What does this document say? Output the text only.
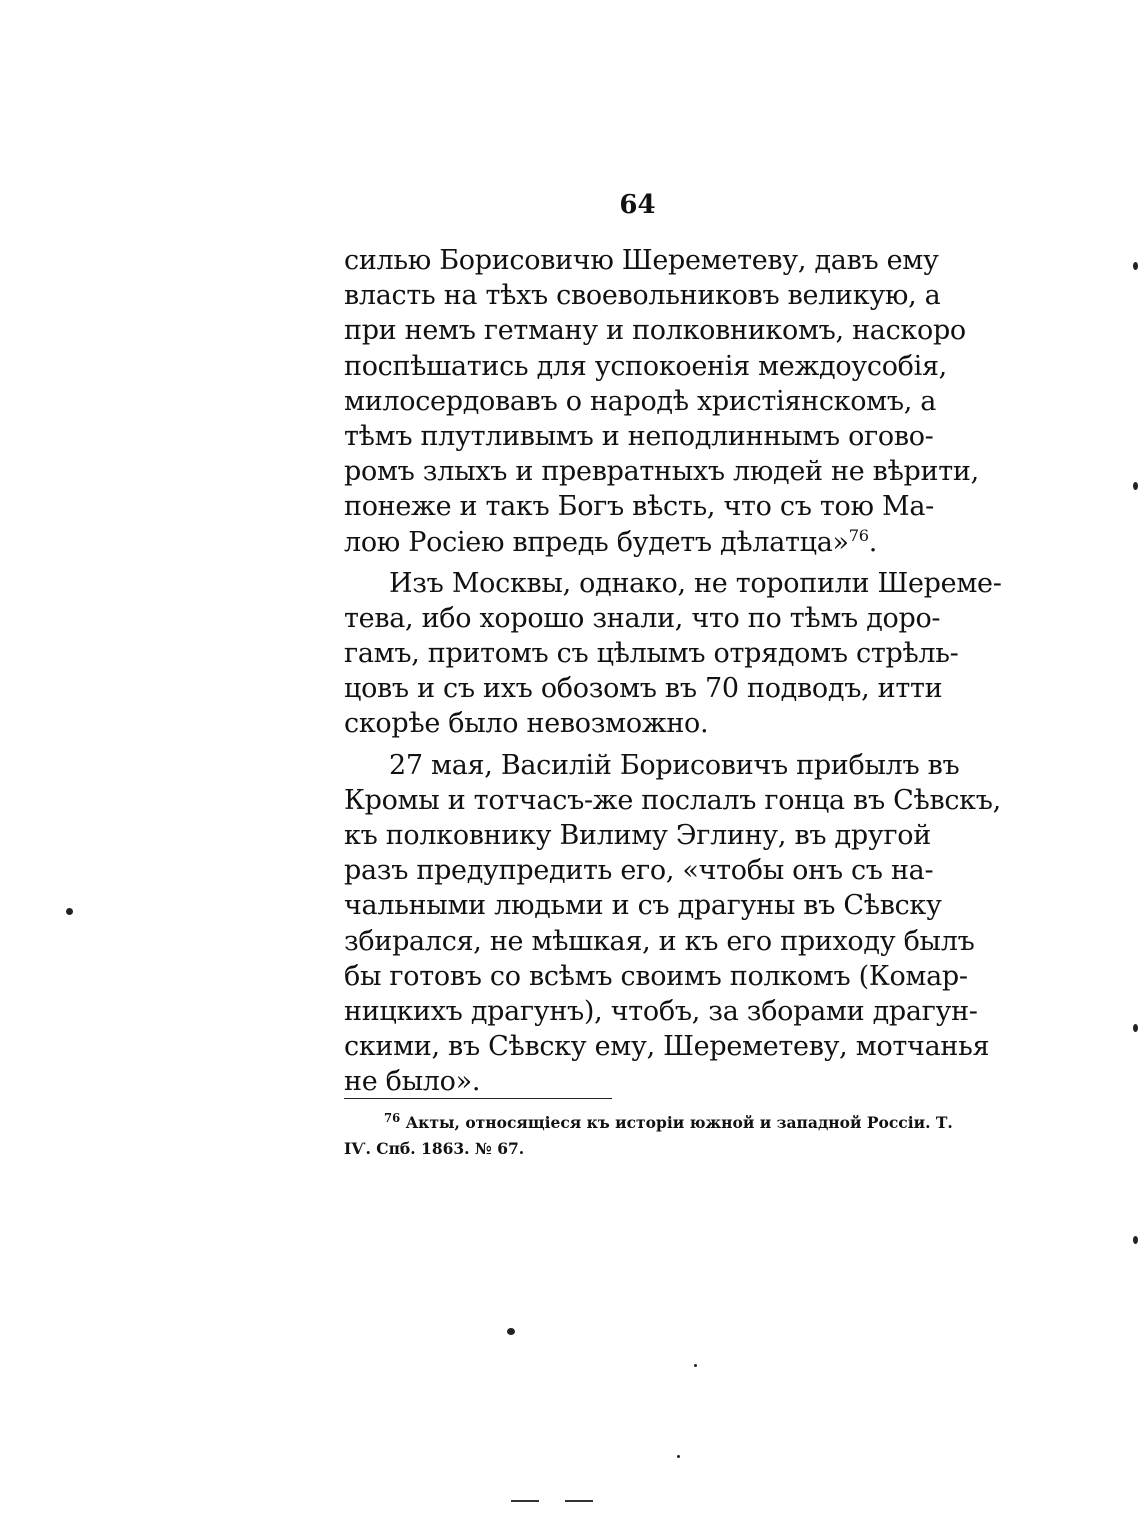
64
силью Борисовичю Шереметеву, давъ ему
власть на тѣхъ своевольниковъ великую, а
при немъ гетману и полковникомъ, наскоро
поспѣшатись для успокоенія междоусобія,
милосердовавъ о народѣ христіянскомъ, а
тѣмъ плутливымъ и неподлиннымъ огово-
ромъ злыхъ и превратныхъ людей не вѣрити,
понеже и такъ Богъ вѣсть, что съ тою Ма-
лою Росіею впредь будетъ дѣлатца»$^{76}$.
Изъ Москвы, однако, не торопили Шереме-
тева, ибо хорошо знали, что по тѣмъ доро-
гамъ, притомъ съ цѣлымъ отрядомъ стрѣль-
цовъ и съ ихъ обозомъ въ 70 подводъ, итти
скорѣе было невозможно.
27 мая, Василій Борисовичъ прибылъ въ
Кромы и тотчасъ-же послалъ гонца въ Сѣвскъ,
къ полковнику Вилиму Эглину, въ другой
разъ предупредить его, «чтобы онъ съ на-
чальными людьми и съ драгуны въ Сѣвску
збирался, не мѣшкая, и къ его приходу былъ
бы готовъ со всѣмъ своимъ полкомъ (Комар-
ницкихъ драгунъ), чтобъ, за зборами драгун-
скими, въ Сѣвску ему, Шереметеву, мотчанья
не было».
$^{76}$ Акты, относящіеся къ исторіи южной и западной Россіи. Т.
IѴ. Спб. 1863. № 67.
